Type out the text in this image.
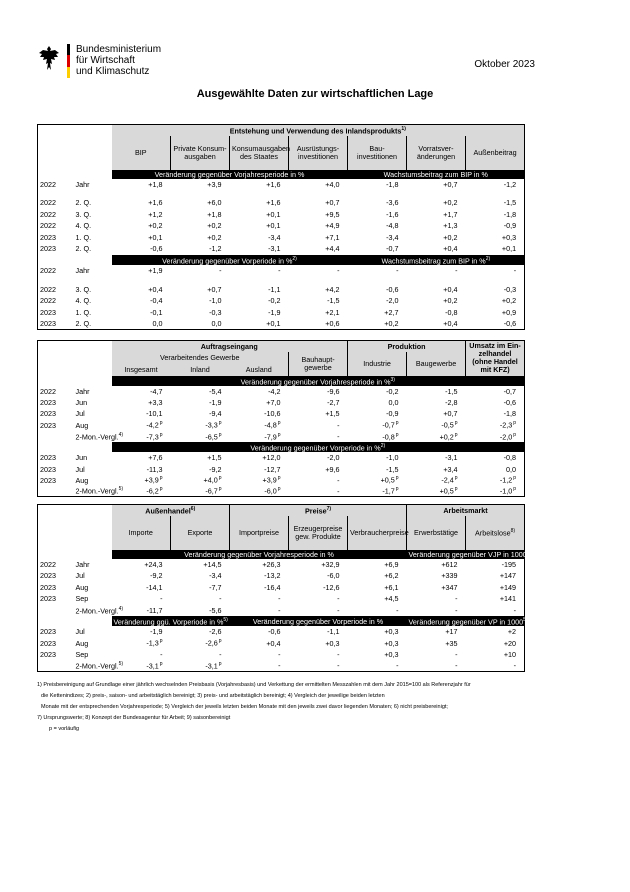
Bundesministerium
für Wirtschaft
und Klimaschutz
Oktober 2023
Ausgewählte Daten zur wirtschaftlichen Lage
		Entstehung und Verwendung des Inlandsprodukts$^{1)}$
		BIP	Private Konsum-ausgaben	Konsumausgaben des Staates	Ausrüstungs-investitionen	Bau-investitionen	Vorratsver-änderungen	Außenbeitrag
		Veränderung gegenüber Vorjahresperiode in %				Wachstumsbeitrag zum BIP in %		
2022	Jahr	+1,8	+3,9	+1,6	+4,0	-1,8	+0,7	-1,2

2022	2. Q.	+1,6	+6,0	+1,6	+0,7	-3,6	+0,2	-1,5
2022	3. Q.	+1,2	+1,8	+0,1	+9,5	-1,6	+1,7	-1,8
2022	4. Q.	+0,2	+0,2	+0,1	+4,9	-4,8	+1,3	-0,9
2023	1. Q.	+0,1	+0,2	-3,4	+7,1	-3,4	+0,2	+0,3
2023	2. Q.	-0,6	-1,2	-3,1	+4,4	-0,7	+0,4	+0,1
		Veränderung gegenüber Vorperiode in %$^{2)}$				Wachstumsbeitrag zum BIP in %$^{2)}$
2022	Jahr	+1,9	-	-	-	-	-	-

2022	3. Q.	+0,4	+0,7	-1,1	+4,2	-0,6	+0,4	-0,3
2022	4. Q.	-0,4	-1,0	-0,2	-1,5	-2,0	+0,2	+0,2
2023	1. Q.	-0,1	-0,3	-1,9	+2,1	+2,7	-0,8	+0,9
2023	2. Q.	0,0	0,0	+0,1	+0,6	+0,2	+0,4	-0,6
		Auftragseingang				Produktion		Umsatz im Ein-zelhandel (ohne Handel mit KFZ)
		Verarbeitendes Gewerbe			Bauhaupt-gewerbe	Industrie	Baugewerbe	
		Insgesamt	Inland	Ausland				
		Veränderung gegenüber Vorjahresperiode in %$^{3)}$
2022	Jahr	-4,7	-5,4	-4,2	-9,6	-0,2	-1,5	-0,7
2023	Jun	+3,3	-1,9	+7,0	-2,7	0,0	-2,8	-0,6
2023	Jul	-10,1	-9,4	-10,6	+1,5	-0,9	+0,7	-1,8
2023	Aug	-4,2$^p$	-3,3$^p$	-4,8$^p$	-	-0,7$^p$	-0,5$^p$	-2,3$^p$
	2-Mon.-Vergl.$^{4)}$	-7,3$^p$	-6,5$^p$	-7,9$^p$	-	$-0,8^p$	$+0,2^p$	-2,0$^p$
		Veränderung gegenüber Vorperiode in %$^{2)}$
2023	Jun	+7,6	+1,5	+12,0	-2,0	-1,0	-3,1	-0,8
2023	Jul	-11,3	-9,2	-12,7	+9,6	-1,5	+3,4	0,0
2023	Aug	$+3,9^p$	$+4,0^p$	$+3,9^p$	-	$+0,5^p$	-2,4$^p$	-1,2$^p$
	2-Mon.-Vergl.$^{5)}$	-6,2$^p$	-6,7$^p$	-6,0$^p$	-	$-1,7^p$	$+0,5^p$	-1,0$^p$
		Außenhandel$^{6)}$		Preise$^{7)}$			Arbeitsmarkt	
		Importe	Exporte	Importpreise	Erzeugerpreise gew. Produkte	Verbraucherpreise	Erwerbstätige	Arbeitslose$^{8)}$
		Veränderung gegenüber Vorjahresperiode in %					Veränderung gegenüber VJP in 1000	
2022	Jahr	+24,3	+14,5	+26,3	+32,9	+6,9	+612	-195
2023	Jul	-9,2	-3,4	-13,2	-6,0	+6,2	+339	+147
2023	Aug	-14,1	-7,7	-16,4	-12,6	+6,1	+347	+149
2023	Sep	-	-	-	-	+4,5	-	+141
	2-Mon.-Vergl.$^{4)}$	-11,7	-5,6	-	-	-	-	-
		Veränderung ggü. Vorperiode in %$^{5)}$		Veränderung gegenüber Vorperiode in %			Veränderung gegenüber VP in 1000$^{5)}$
2023	Jul	-1,9	-2,6	-0,6	-1,1	+0,3	+17	+2
2023	Aug	-1,3$^p$	$-2,6^p$	+0,4	+0,3	+0,3	+35	+20
2023	Sep	-	-	-	-	+0,3	-	+10
	2-Mon.-Vergl.$^{5)}$	-3,1$^p$	-3,1$^p$	-	-	-	-	-
1) Preisbereinigung auf Grundlage einer jährlich wechselnden Preisbasis (Vorjahresbasis) und Verkettung der ermittelten Messzahlen mit dem Jahr 2015=100 als Referenzjahr für
die Kettenindizes; 2) preis-, saison- und arbeitstäglich bereinigt; 3) preis- und arbeitstäglich bereinigt; 4) Vergleich der jeweilige beiden letzten
Monate mit der entsprechenden Vorjahresperiode; 5) Vergleich der jeweils letzten beiden Monate mit den jeweils zwei davor liegenden Monaten; 6) nicht preisbereinigt;
7) Ursprungswerte; 8) Konzept der Bundesagentur für Arbeit; 9) saisonbereinigt
p = vorläufig
